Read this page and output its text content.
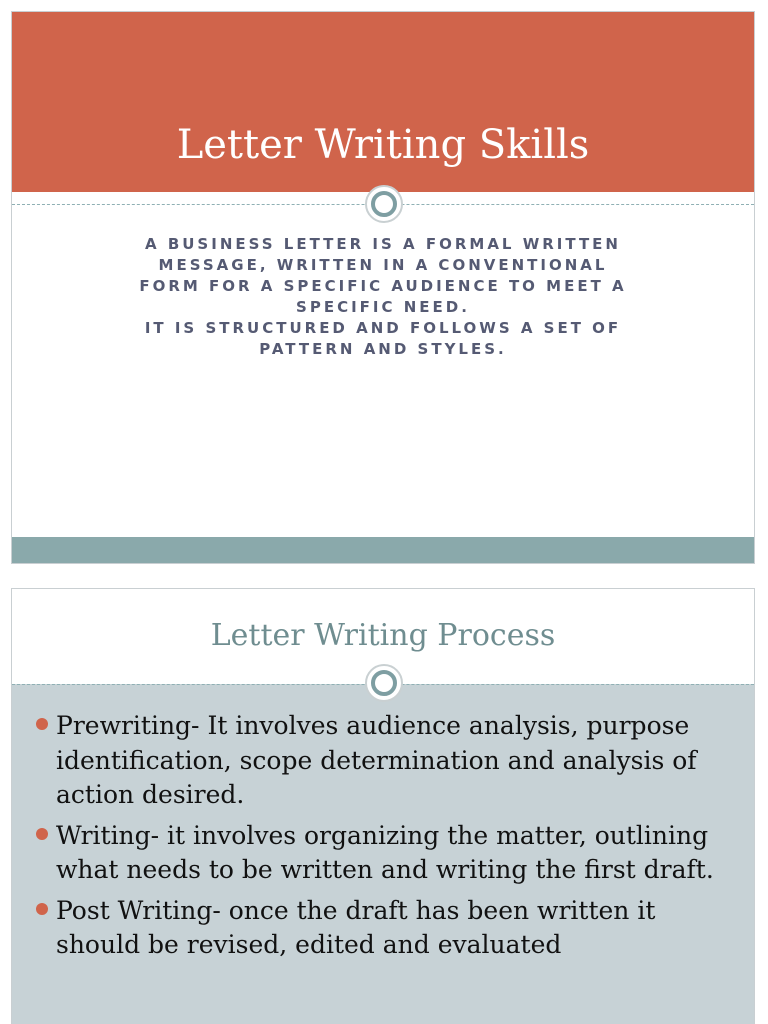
Letter Writing Skills
A BUSINESS LETTER IS A FORMAL WRITTEN
MESSAGE, WRITTEN IN A CONVENTIONAL
FORM FOR A SPECIFIC AUDIENCE TO MEET A
SPECIFIC NEED.
IT IS STRUCTURED AND FOLLOWS A SET OF
PATTERN AND STYLES.
Letter Writing Process
Prewriting- It involves audience analysis, purpose identification, scope determination and analysis of action desired.
Writing- it involves organizing the matter, outlining what needs to be written and writing the first draft.
Post Writing- once the draft has been written it should be revised, edited and evaluated
